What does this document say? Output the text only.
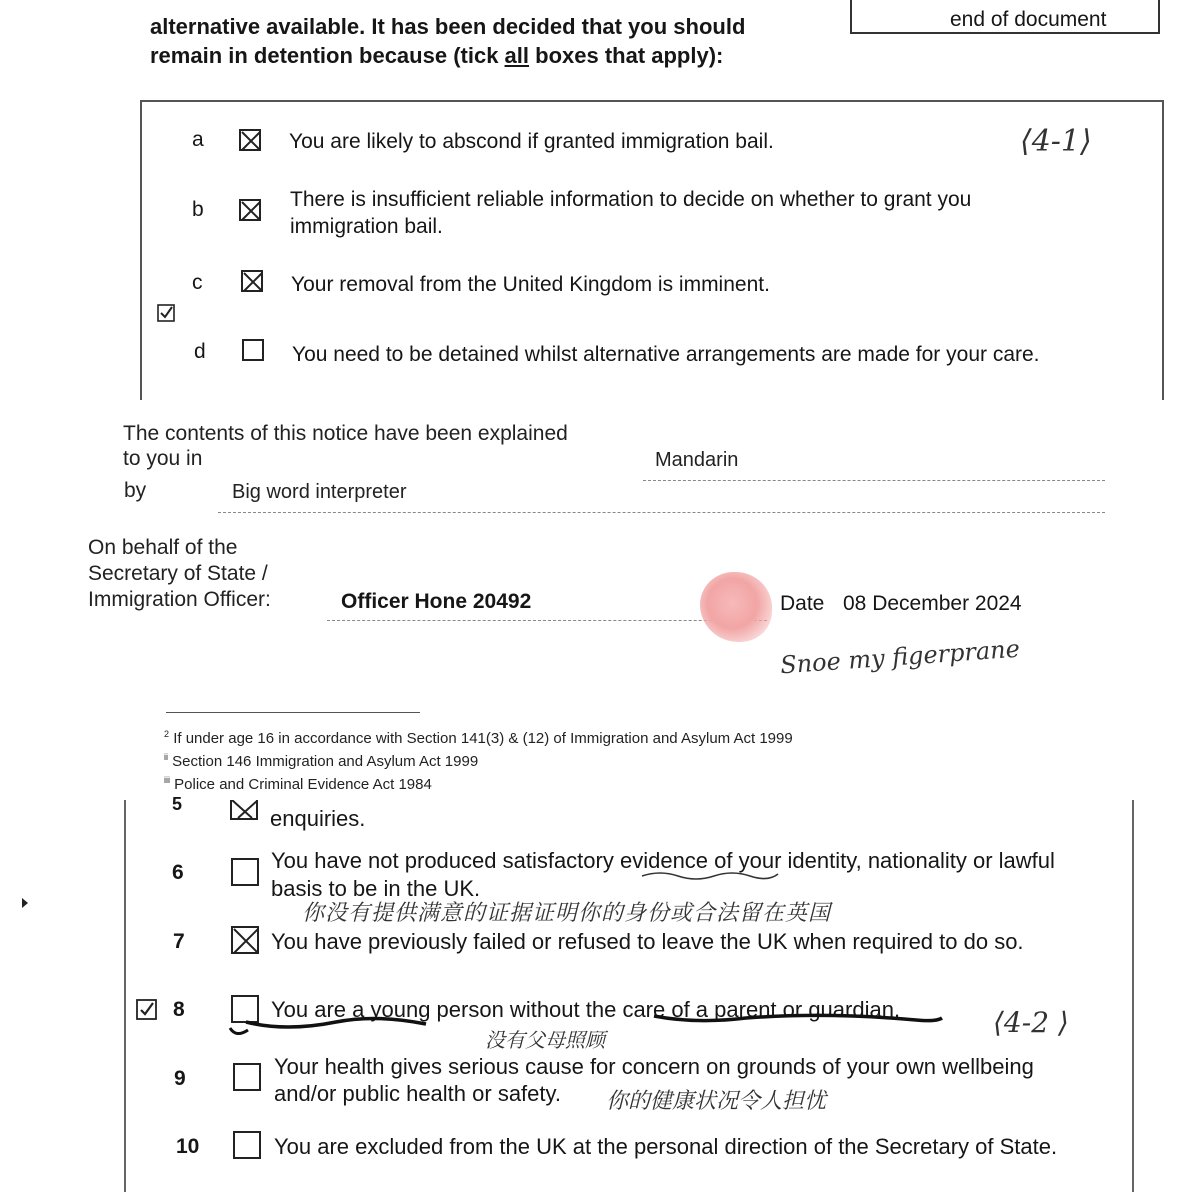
alternative available. It has been decided that you should
remain in detention because (tick all boxes that apply):
end of document
a	You are likely to abscond if granted immigration bail.	⟨4-1⟩
b	There is insufficient reliable information to decide on whether to grant you
immigration bail.
c	Your removal from the United Kingdom is imminent.
d	You need to be detained whilst alternative arrangements are made for your care.
The contents of this notice have been explained
to you in	Mandarin
by	Big word interpreter
On behalf of the
Secretary of State /
Immigration Officer:	Officer Hone 20492	Date 08 December 2024
Snoe my figerprane
$^2$ If under age 16 in accordance with Section 141(3) & (12) of Immigration and Asylum Act 1999
$^{ii}$ Section 146 Immigration and Asylum Act 1999
$^{iii}$ Police and Criminal Evidence Act 1984
5
enquiries.
6	You have not produced satisfactory evidence of your identity, nationality or lawful
basis to be in the UK.
你没有提供满意的证据证明你的身份或合法留在英国
7	You have previously failed or refused to leave the UK when required to do so.
8	You are a young person without the care of a parent or guardian.
没有父母照顾
⟨4-2 ⟩
9	Your health gives serious cause for concern on grounds of your own wellbeing
and/or public health or safety.	你的健康状况令人担忧
10	You are excluded from the UK at the personal direction of the Secretary of State.
